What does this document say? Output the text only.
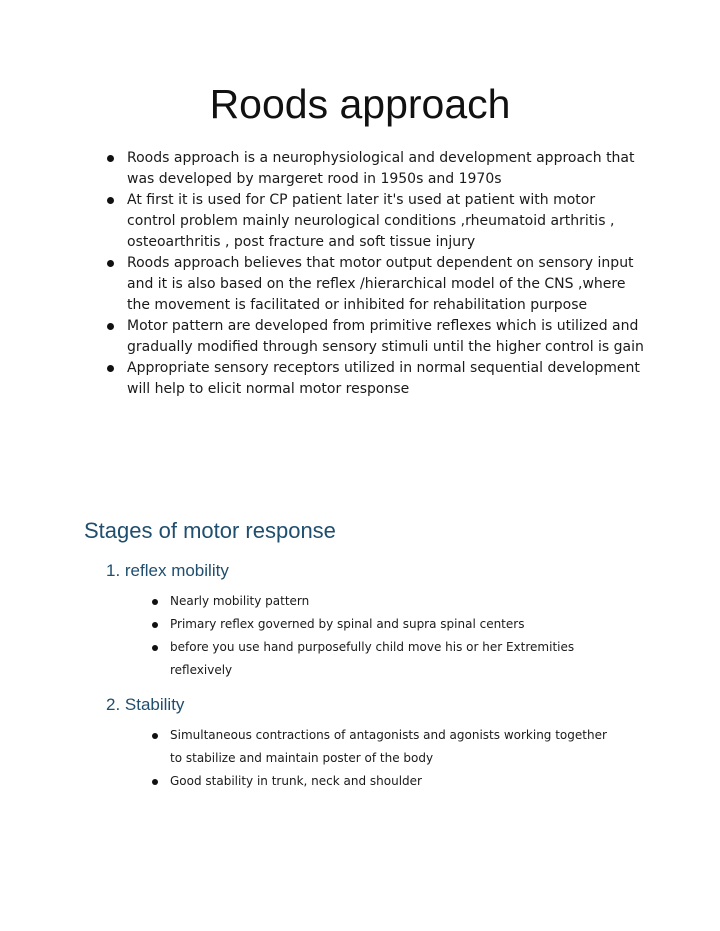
Roods approach
Roods approach is a neurophysiological and development approach that was developed by margeret rood in 1950s and 1970s
At first it is used for CP patient later it's used at patient with motor control problem mainly neurological conditions ,rheumatoid arthritis , osteoarthritis , post fracture and soft tissue injury
Roods approach believes that motor output dependent on sensory input and it is also based on the reflex /hierarchical model of the CNS ,where the movement is facilitated or inhibited for rehabilitation purpose
Motor pattern are developed from primitive reflexes which is utilized and gradually modified through sensory stimuli until the higher control is gain
Appropriate sensory receptors utilized in normal sequential development will help to elicit normal motor response
Stages of motor response
1. reflex mobility
Nearly mobility pattern
Primary reflex governed by spinal and supra spinal centers
before you use hand purposefully child move his or her Extremities reflexively
2. Stability
Simultaneous contractions of antagonists and agonists working together to stabilize and maintain poster of the body
Good stability in trunk, neck and shoulder
